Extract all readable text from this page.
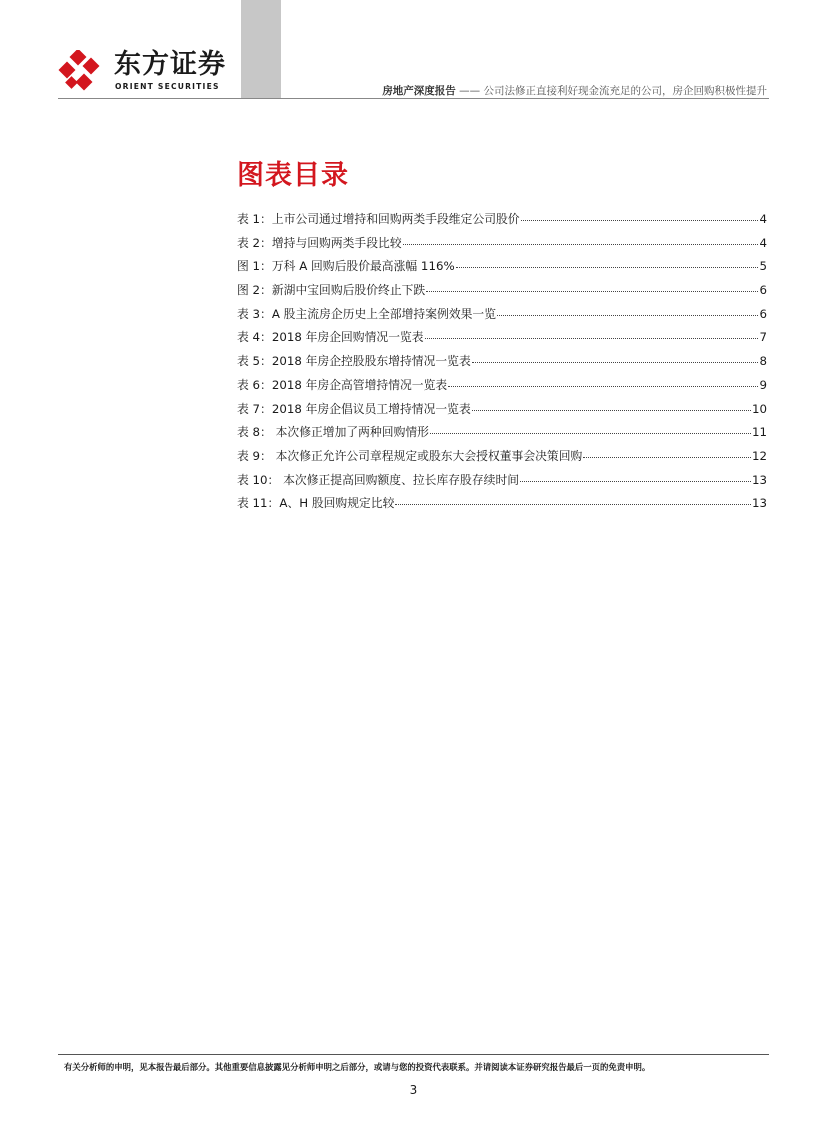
东方证券
ORIENT SECURITIES	房地产深度报告 —— 公司法修正直接利好现金流充足的公司，房企回购积极性提升
图表目录
表 1：上市公司通过增持和回购两类手段维定公司股价	4
表 2：增持与回购两类手段比较	4
图 1：万科 A 回购后股价最高涨幅 116%	5
图 2：新湖中宝回购后股价终止下跌	6
表 3：A 股主流房企历史上全部增持案例效果一览	6
表 4：2018 年房企回购情况一览表	7
表 5：2018 年房企控股股东增持情况一览表	8
表 6：2018 年房企高管增持情况一览表	9
表 7：2018 年房企倡议员工增持情况一览表	10
表 8： 本次修正增加了两种回购情形	11
表 9： 本次修正允许公司章程规定或股东大会授权董事会决策回购	12
表 10： 本次修正提高回购额度、拉长库存股存续时间	13
表 11：A、H 股回购规定比较	13
有关分析师的申明，见本报告最后部分。其他重要信息披露见分析师申明之后部分，或请与您的投资代表联系。并请阅读本证券研究报告最后一页的免责申明。
3
